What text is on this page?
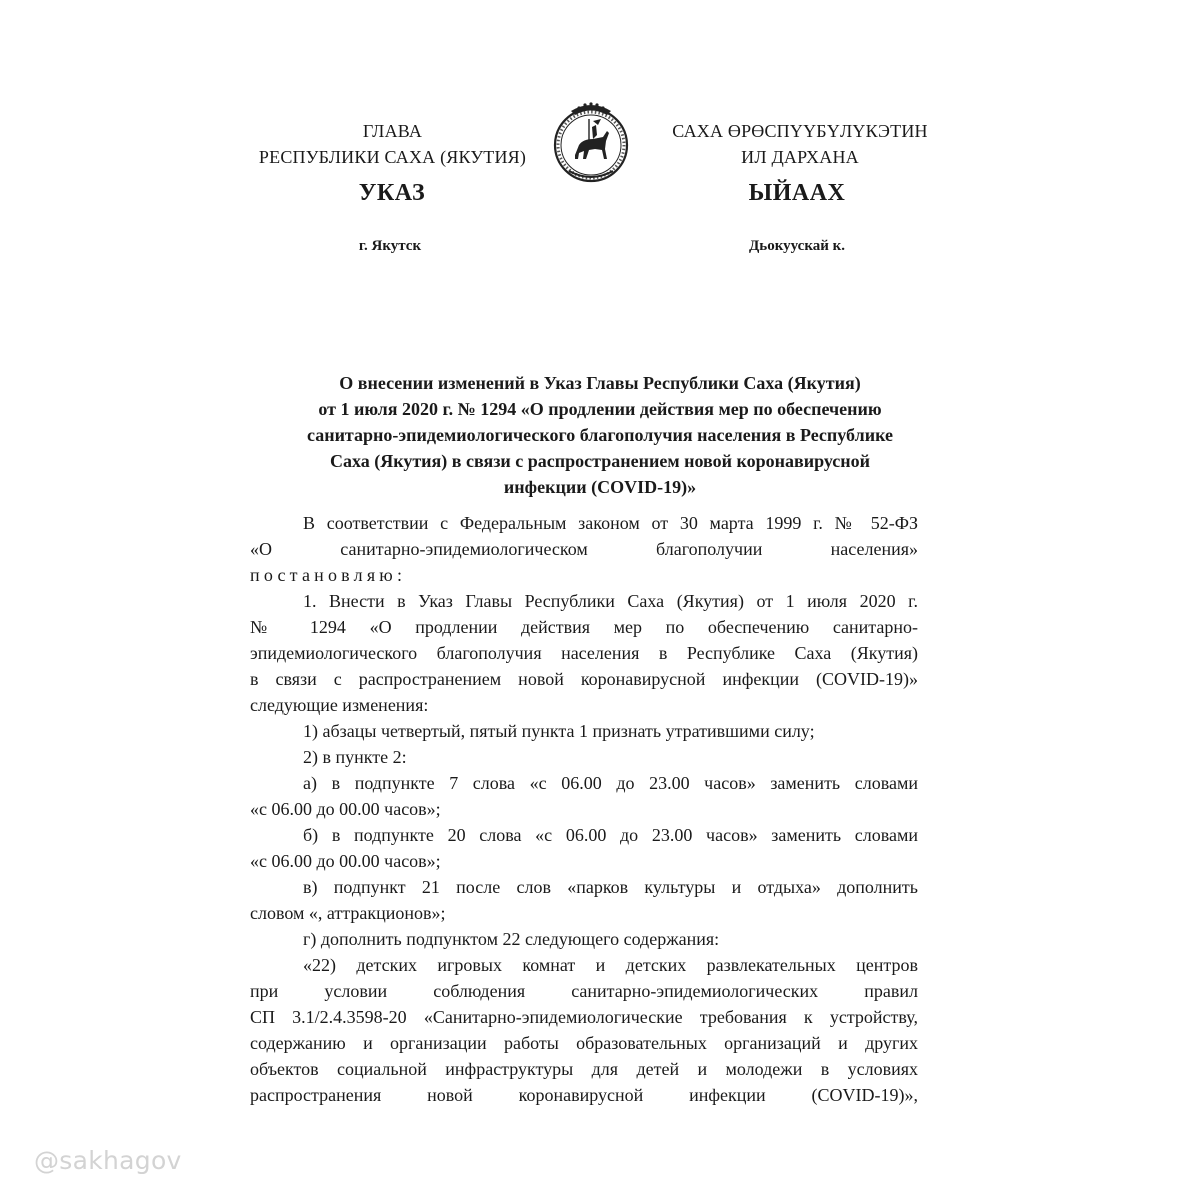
ГЛАВА
РЕСПУБЛИКИ САХА (ЯКУТИЯ)
САХА ӨРӨСПҮҮБҮЛҮКЭТИН
ИЛ ДАРХАНА
УКАЗ	ЫЙААХ
г. Якутск	Дьокуускай к.
О внесении изменений в Указ Главы Республики Саха (Якутия)
от 1 июля 2020 г. № 1294 «О продлении действия мер по обеспечению
санитарно-эпидемиологического благополучия населения в Республике
Саха (Якутия) в связи с распространением новой коронавирусной
инфекции (COVID-19)»
В соответствии с Федеральным законом от 30 марта 1999 г. № 52-ФЗ
«О санитарно-эпидемиологическом благополучии населения»
постановляю:
1. Внести в Указ Главы Республики Саха (Якутия) от 1 июля 2020 г.
№ 1294 «О продлении действия мер по обеспечению санитарно-
эпидемиологического благополучия населения в Республике Саха (Якутия)
в связи с распространением новой коронавирусной инфекции (COVID-19)»
следующие изменения:
1) абзацы четвертый, пятый пункта 1 признать утратившими силу;
2) в пункте 2:
а) в подпункте 7 слова «с 06.00 до 23.00 часов» заменить словами
«с 06.00 до 00.00 часов»;
б) в подпункте 20 слова «с 06.00 до 23.00 часов» заменить словами
«с 06.00 до 00.00 часов»;
в) подпункт 21 после слов «парков культуры и отдыха» дополнить
словом «, аттракционов»;
г) дополнить подпунктом 22 следующего содержания:
«22) детских игровых комнат и детских развлекательных центров
при условии соблюдения санитарно-эпидемиологических правил
СП 3.1/2.4.3598-20 «Санитарно-эпидемиологические требования к устройству,
содержанию и организации работы образовательных организаций и других
объектов социальной инфраструктуры для детей и молодежи в условиях
распространения новой коронавирусной инфекции (COVID-19)»,
@sakhagov
